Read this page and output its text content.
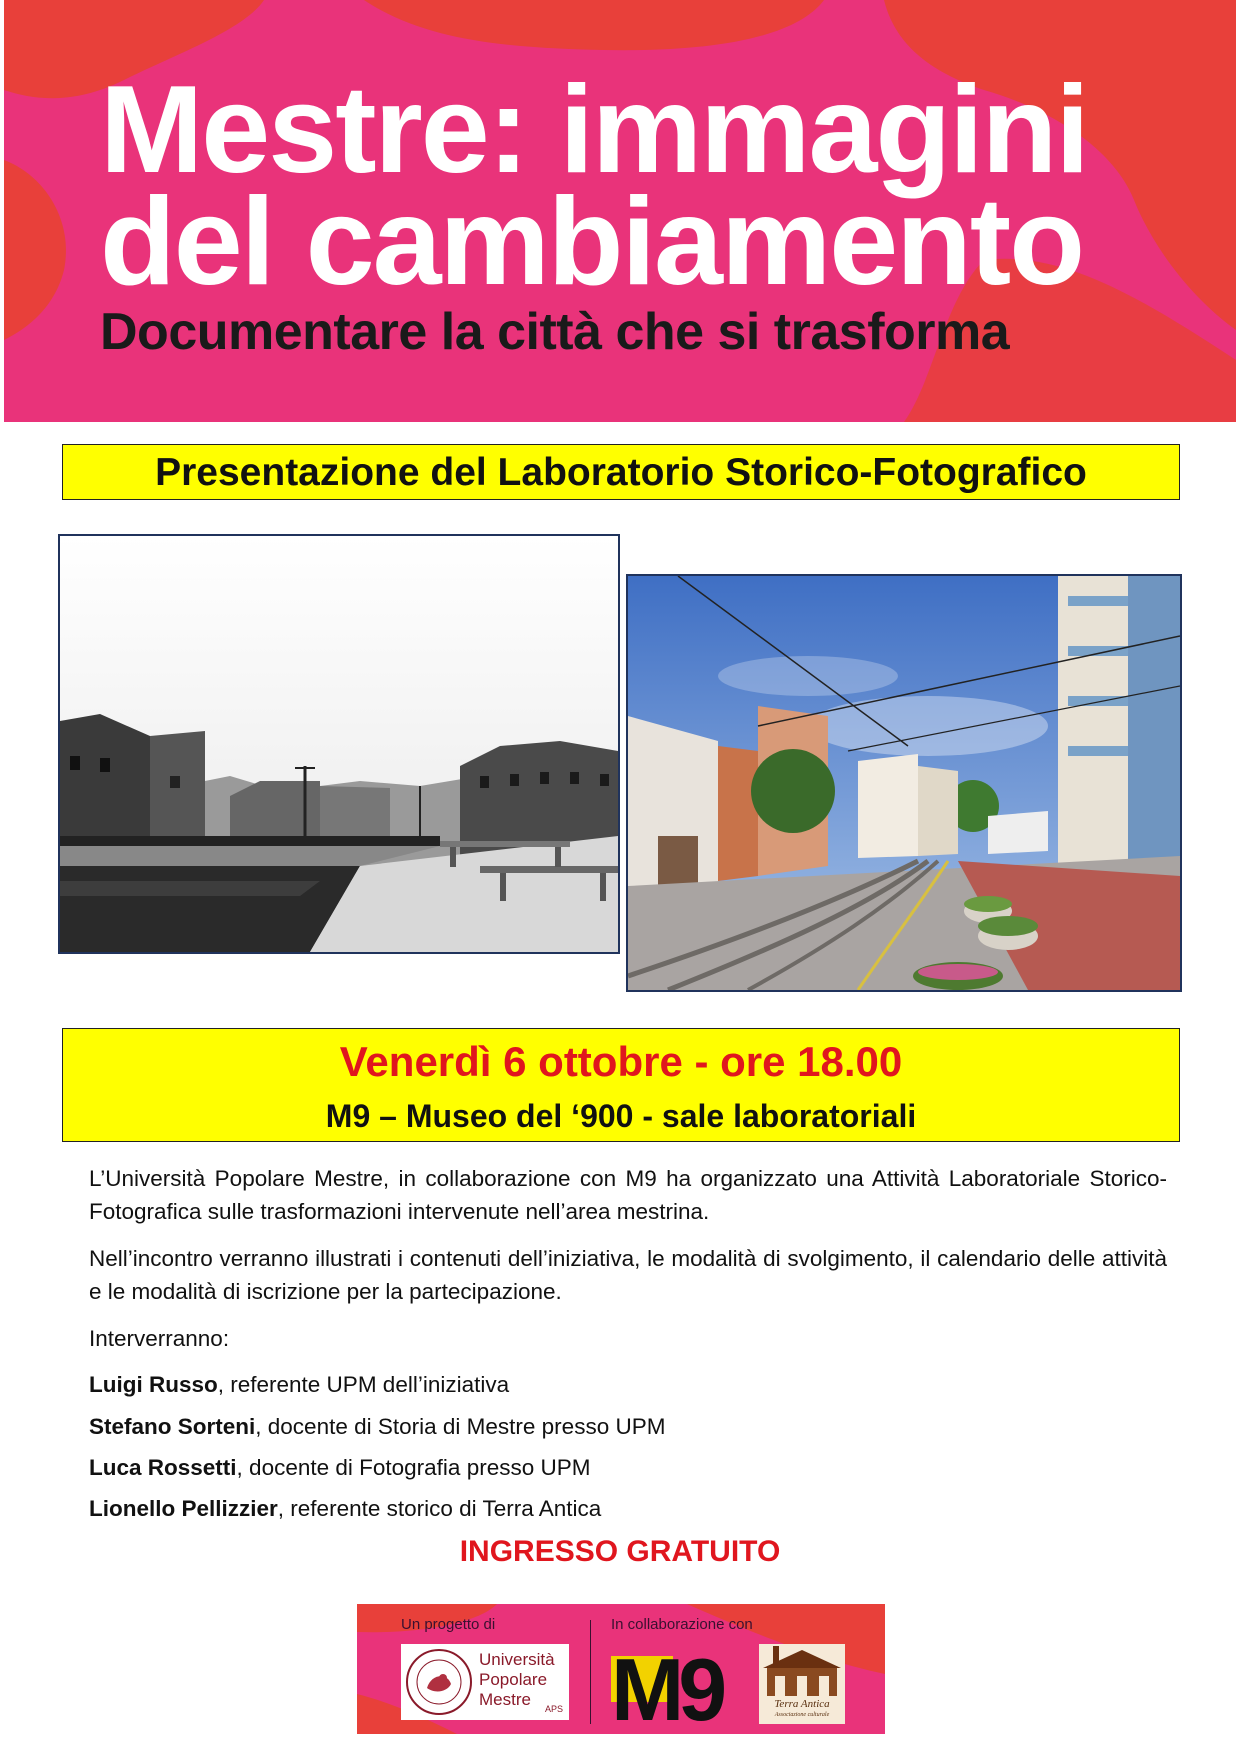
Mestre: immagini
del cambiamento
Documentare la città che si trasforma
Presentazione del Laboratorio Storico-Fotografico
Venerdì 6 ottobre - ore 18.00
M9 – Museo del ‘900 - sale laboratoriali
L’Università Popolare Mestre, in collaborazione con M9 ha organizzato una Attività Laboratoriale Storico-Fotografica sulle trasformazioni intervenute nell’area mestrina.
Nell’incontro verranno illustrati i contenuti dell’iniziativa, le modalità di svolgimento, il calendario delle attività e le modalità di iscrizione per la partecipazione.
Interverranno:
Luigi Russo, referente UPM dell’iniziativa
Stefano Sorteni, docente di Storia di Mestre presso UPM
Luca Rossetti, docente di Fotografia presso UPM
Lionello Pellizzier, referente storico di Terra Antica
INGRESSO GRATUITO
Un progetto di	In collaborazione con
Università
Popolare
Mestre	APS M9	Terra Antica
Associazione culturale
